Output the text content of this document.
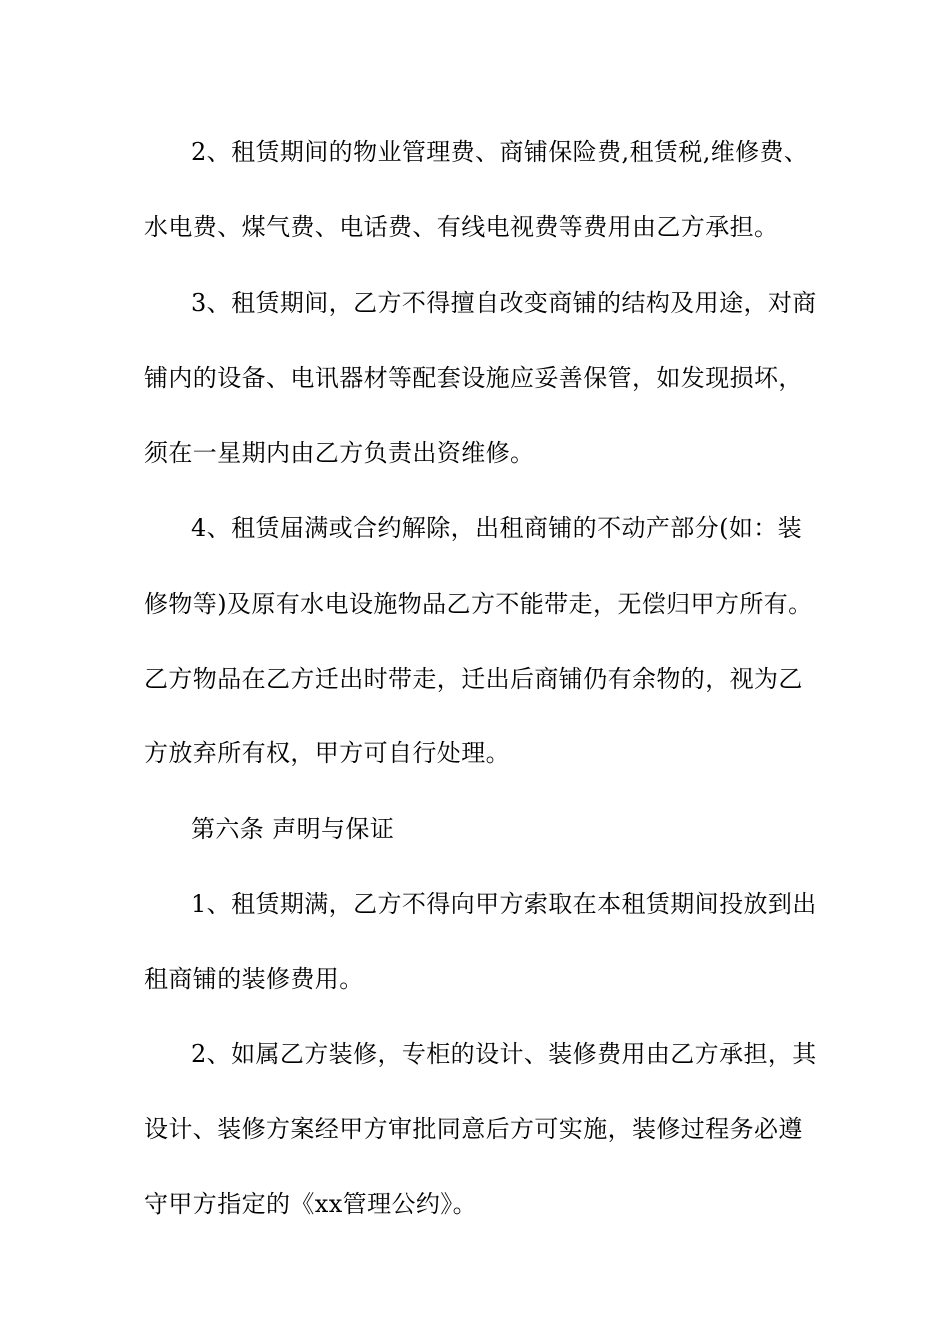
2、租赁期间的物业管理费、商铺保险费,租赁税,维修费、
水电费、煤气费、电话费、有线电视费等费用由乙方承担。
3、租赁期间，乙方不得擅自改变商铺的结构及用途，对商
铺内的设备、电讯器材等配套设施应妥善保管，如发现损坏，
须在一星期内由乙方负责出资维修。
4、租赁届满或合约解除，出租商铺的不动产部分(如：装
修物等)及原有水电设施物品乙方不能带走，无偿归甲方所有。
乙方物品在乙方迁出时带走，迁出后商铺仍有余物的，视为乙
方放弃所有权，甲方可自行处理。
第六条 声明与保证
1、租赁期满，乙方不得向甲方索取在本租赁期间投放到出
租商铺的装修费用。
2、如属乙方装修，专柜的设计、装修费用由乙方承担，其
设计、装修方案经甲方审批同意后方可实施，装修过程务必遵
守甲方指定的《xx管理公约》。
